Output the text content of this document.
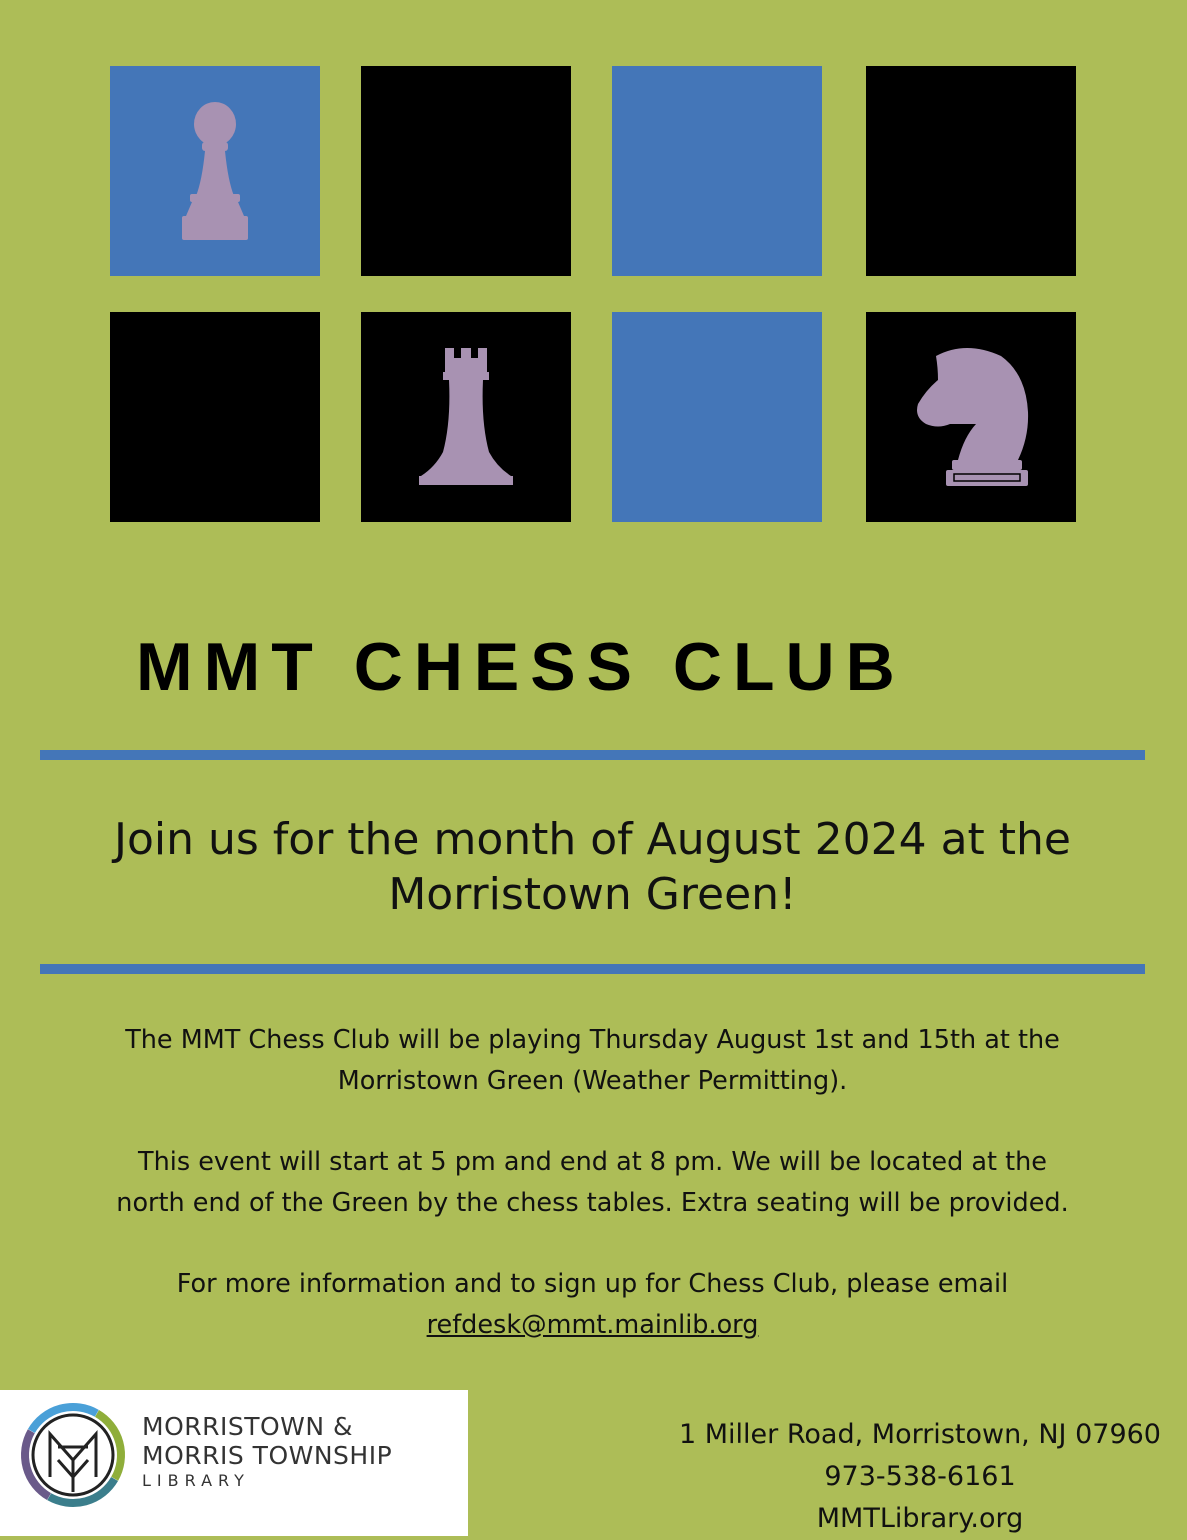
MMT CHESS CLUB
Join us for the month of August 2024 at the
Morristown Green!
The MMT Chess Club will be playing Thursday August 1st and 15th at the
Morristown Green (Weather Permitting).
This event will start at 5 pm and end at 8 pm. We will be located at the
north end of the Green by the chess tables. Extra seating will be provided.
For more information and to sign up for Chess Club, please email
refdesk@mmt.mainlib.org
MORRISTOWN &
MORRIS TOWNSHIP
LIBRARY
1 Miller Road, Morristown, NJ 07960
973-538-6161
MMTLibrary.org
